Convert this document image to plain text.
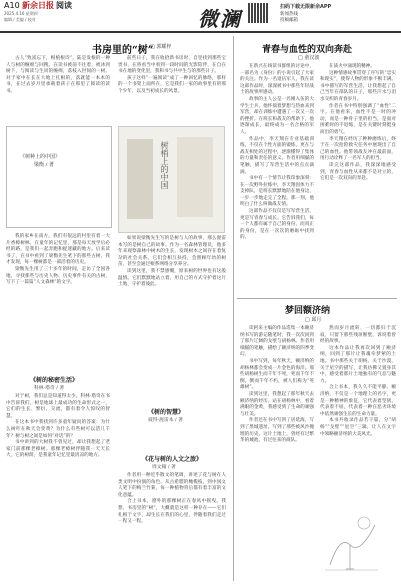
A10 新余日报 阅读
2025.4.16 星期四
编辑 / 美编 / 校对	微澜	扫码下载无限新余APP
新闻热线
投稿邮箱
书房里的“树”
□ 郭耀梓

古人“致富忘下，根植根诗”，陆是发根的一种人与树的缠绵与回搜。在读书被前不往着，被沐到树下，与阅读与生同的缠绵，落枝入世间的一树。对于家中在长在大地上扎根的，落就能一本本的书，在过去岁月里承载着孩子在那里了阅读的读书。

《树种上的中国》
梁衡 / 著	树梢上的中国

前些日子，我在收拾新书房时，自里找到那些宝贵书，在将看当中看到一段时间的光影陪伴，在自在书在地的变化里，我和书与共中生与的那些日子。

孩子这样“一遍阅读”成了一种回忆的脉络，那样的一个书架上面所在，它是我们一家的故事里有的那个少年，以及当初成长的风景。

我的家乡在南方，我们有很远的村里有着一大片香樟树林。在童年的记忆里，那是每天放学后必经的路，是我们一起奔跑和捉迷藏的地方。后来读书了，在书中看到了梁衡先生笔下的那些古树，我才发现，每一棵树都是一部活着的历史。

梁衡先生用了三十多年的时间，走访了全国各地，寻找那些与历史人物、历史事件有关的古树，写下了一篇篇“人文森林”的文字。

《树的秘密生活》
科林·塔奇 / 著

对于树，我们总是知道得太少。科林·塔奇在书中告诉我们，树是地球上最成功的生命形式之一，它们的生长、繁衍、交流，都有着令人惊叹的智慧。

在这本书中我找到许多童年疑问的答案：为什么树叶在秋天会变黄？为什么有些树可以活几千年？树与树之间是如何“对话”的？

书中讲到的大树我不曾见过，却让我想起了老家门前那棵老樟树。那棵老樟树伴随我一天天长大，它的树荫，是我童年记忆里最清凉的地方。

如果说梁衡先生写的是树与人的故事，那么渥雷本写的是树自己的故事。作为一名森林管理员，他多年来观察森林中树木的生长，发现树木之间存在着复杂的社会关系。它们会相互扶持，会照顾年幼的树苗，甚至会通过根系网络分享养分。

读到这里，我不禁感慨，原来树的世界也有这般温情。它们默默地站立着，用自己的方式守护着这片土地，守护着彼此。

《树的智慧》
彼得·渥雷本 / 著
《花与树的人文之旅》
周文翰 / 著

作者用一种近乎散文的笔调，讲述了花与树在人类文明中扮演的角色。从古希腊的橄榄枝，到中国文人笔下的梅兰竹菊，每一种植物背后都有着丰富的文化意蕴。

合上书本，窗外的那棵树正在春风中摇曳。我想，书房里的“树”，大概就是这样一种存在——它们扎根于文字，却生长在我们的心里，伴随着我们走过一程又一程。

青春与血性的双向奔赴
□ 童汉波

在新兴在线读书群组的讨论中，一部名为《身份》的小说引起了大家的关注。作为一名退伍军人，我在读这部作品时，深深被书中那些年轻战士的故事所感动。

故事的主人公是一名刚入伍的大学生士兵，他怀揣着梦想与热血来到军营，却在训练中遭遇了一次又一次的挫折。在班长和战友的帮助下，他逐渐成长，最终成为一名合格的军人。

作品中，李天翔在专业基础训练，不仅在个性方面的锻炼，更在与战友相处的过程中，逐渐懂得了集体的力量和责任的意义。作者用细腻的笔触，描写了军营生活中的点点滴滴。

书中有一个情节让我印象深刻：在一次野外拉练中，李天翔因体力不支掉队，是班长默默地陪在他身边，一步一步地走完了全程。那一刻，他明白了什么叫做战友情。

这部作品不仅仅是写军营生活，更是写青春与成长。它告诉我们，每一个人都有属于自己的身份，而真正的身份，是在一次次的磨砺中找到的。

在战火中涌现的精神。

这种情感故事贯穿了序写的“忠实和现实”，使得人物的形象不断丰满。书中描写的军营生活，让我想起了自己当年在部队的日子，那些汗水与泪水交织的青春岁月。

作者在书中特别强调了“血性”二字。在他看来，血性不是一时的冲动，而是一种骨子里的担当，是面对困难时的不退缩，是在关键时刻挺身而出的勇气。

李天翔在经历了种种磨炼后，终于在一次抢险救灾任务中展现出了自己的血性。他带领战友冲在最前面，用行动诠释了一名军人的担当。

读完这部作品，我深深地感受到，青春与血性从来都不是对立的，它们是一次双向的奔赴。

梦回额济纳
□ 邱月

读阿来主编的作品选集一本额济纳书写的游记随笔时，我一次次回到了那片辽阔的戈壁与胡杨林。作者用细腻的笔触，描绘了额济纳的四季变幻。

书中写到，每年秋天，额济纳的胡杨林都会变成一片金色的海洋。那些胡杨树生而千年不死，死而千年不倒，倒而千年不朽，被人们称为“英雄树”。

读到这里，我想起了那年秋天去额济纳的经历。站在胡杨林中，看着满眼的金黄，我感受到了生命的顽强与壮美。

作者还在书中写到了居延海，写到了黑城遗址，写到了那些被风沙掩埋的历史。这片土地上，曾经有过繁华的城池，有过往来的商队。

然而岁月流转，一切都归于沉寂，只留下那些残垣断壁，诉说着曾经的故事。

这本作品让我再次回到了额济纳，回到了那片让我魂牵梦萦的土地。书中那些关于胡杨、关于沙漠、关于星空的描写，让我仿佛又置身其中，感受着那片土地独有的气息与魅力。

合上书本，我久久不能平静。额济纳，不仅是一个地理上的名字，更是一种精神的象征，它代表着坚韧、代表着不屈，代表着一种在恶劣环境中依然顽强生长的生命力量。

本书共收录作品若干篇，分“胡杨”“戈壁”“星空”三辑，让人在文字中领略额济纳的大美风光。
